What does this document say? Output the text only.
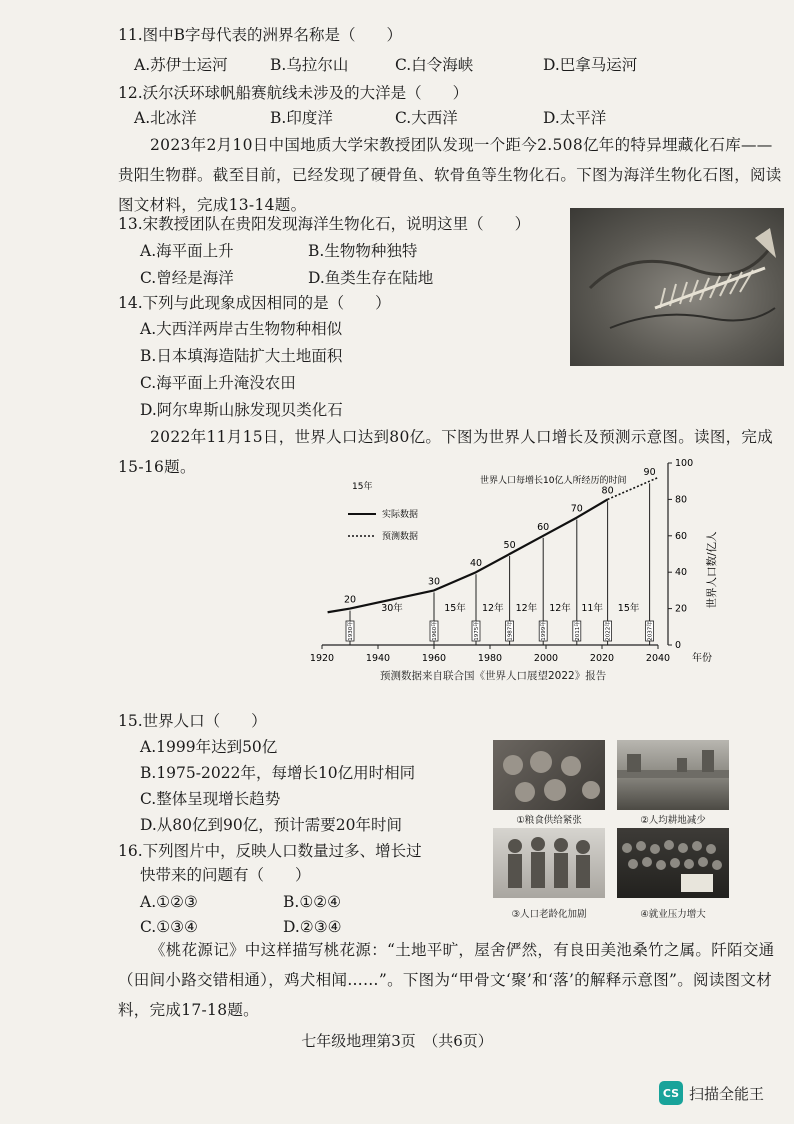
11.图中B字母代表的洲界名称是（　　）
A.苏伊士运河	B.乌拉尔山	C.白令海峡	D.巴拿马运河
12.沃尔沃环球帆船赛航线未涉及的大洋是（　　）
A.北冰洋	B.印度洋	C.大西洋	D.太平洋
2023年2月10日中国地质大学宋教授团队发现一个距今2.508亿年的特异埋藏化石库——贵阳生物群。截至目前，已经发现了硬骨鱼、软骨鱼等生物化石。下图为海洋生物化石图，阅读图文材料，完成13-14题。
13.宋教授团队在贵阳发现海洋生物化石，说明这里（　　）
A.海平面上升	B.生物物种独特
C.曾经是海洋	D.鱼类生存在陆地
14.下列与此现象成因相同的是（　　）
A.大西洋两岸古生物物种相似
B.日本填海造陆扩大土地面积
C.海平面上升淹没农田
D.阿尔卑斯山脉发现贝类化石
2022年11月15日，世界人口达到80亿。下图为世界人口增长及预测示意图。读图，完成15-16题。
1920	1940	1960	1980	2000	2020	2040
0
20
40
60
80
100
年份
世界人口数/亿人
20
1930年
30
1960年
40
1975年
50
1987年
60
1999年
70
2011年
80
2022年
90
2037年
30年	15年 12年 12年 12年 11年 15年
15年
世界人口每增长10亿人所经历的时间
实际数据
预测数据
预测数据来自联合国《世界人口展望2022》报告
15.世界人口（　　）
A.1999年达到50亿
B.1975-2022年，每增长10亿用时相同
C.整体呈现增长趋势
D.从80亿到90亿，预计需要20年时间
16.下列图片中，反映人口数量过多、增长过
快带来的问题有（　　）
A.①②③	B.①②④
C.①③④	D.②③④
①粮食供给紧张	②人均耕地减少
③人口老龄化加剧	④就业压力增大
《桃花源记》中这样描写桃花源：“土地平旷，屋舍俨然，有良田美池桑竹之属。阡陌交通（田间小路交错相通），鸡犬相闻……”。下图为“甲骨文‘聚’和‘落’的解释示意图”。阅读图文材料，完成17-18题。
七年级地理第3页　（共6页）
CS 扫描全能王
